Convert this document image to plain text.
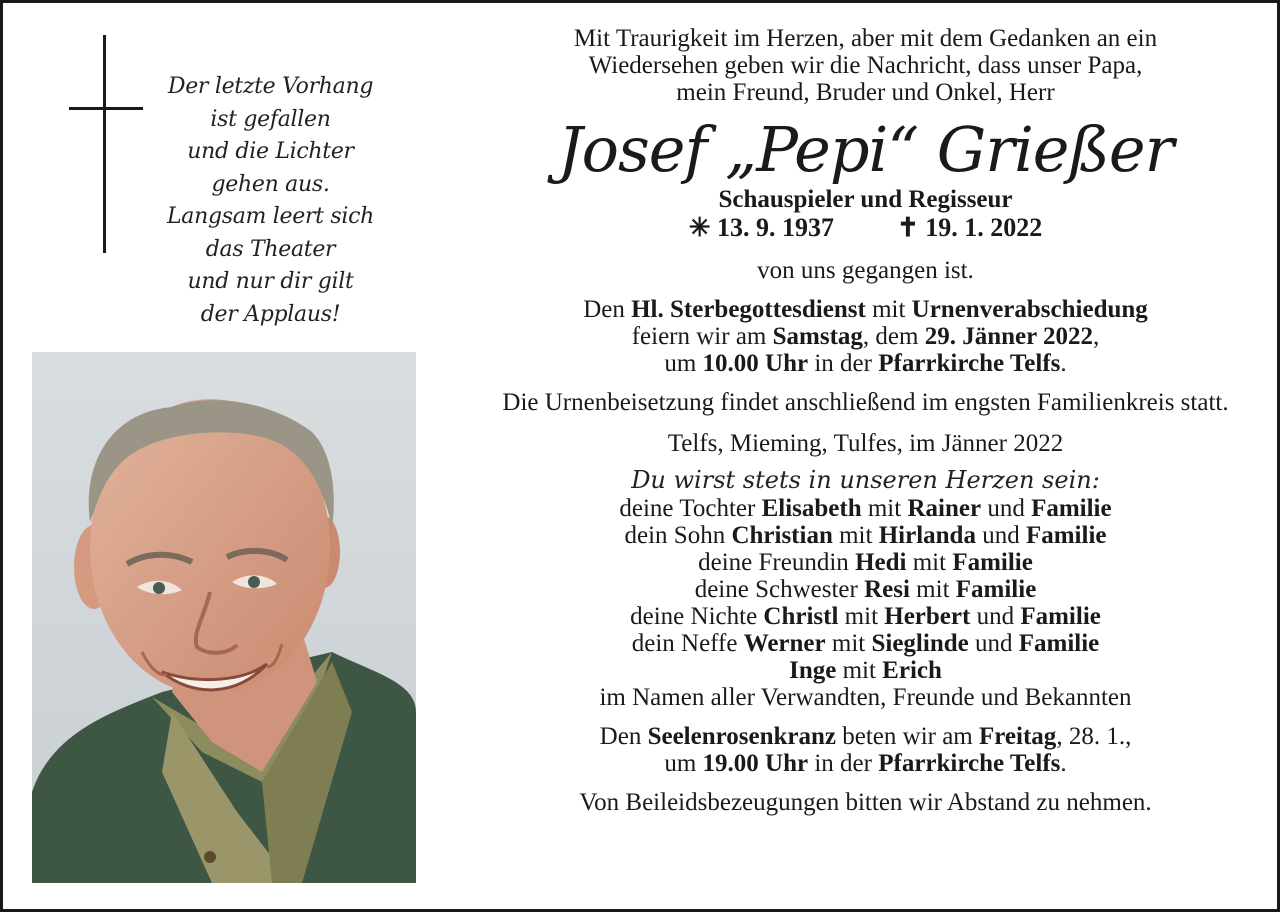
Der letzte Vorhang
ist gefallen
und die Lichter
gehen aus.
Langsam leert sich
das Theater
und nur dir gilt
der Applaus!
Mit Traurigkeit im Herzen, aber mit dem Gedanken an ein
Wiedersehen geben wir die Nachricht, dass unser Papa,
mein Freund, Bruder und Onkel, Herr
Josef „Pepi“ Grießer
Schauspieler und Regisseur
✳ 13. 9. 1937 ✝ 19. 1. 2022
von uns gegangen ist.
Den Hl. Sterbegottesdienst mit Urnenverabschiedung
feiern wir am Samstag, dem 29. Jänner 2022,
um 10.00 Uhr in der Pfarrkirche Telfs.
Die Urnenbeisetzung findet anschließend im engsten Familienkreis statt.
Telfs, Mieming, Tulfes, im Jänner 2022
Du wirst stets in unseren Herzen sein:
deine Tochter Elisabeth mit Rainer und Familie
dein Sohn Christian mit Hirlanda und Familie
deine Freundin Hedi mit Familie
deine Schwester Resi mit Familie
deine Nichte Christl mit Herbert und Familie
dein Neffe Werner mit Sieglinde und Familie
Inge mit Erich
im Namen aller Verwandten, Freunde und Bekannten
Den Seelenrosenkranz beten wir am Freitag, 28. 1.,
um 19.00 Uhr in der Pfarrkirche Telfs.
Von Beileidsbezeugungen bitten wir Abstand zu nehmen.
